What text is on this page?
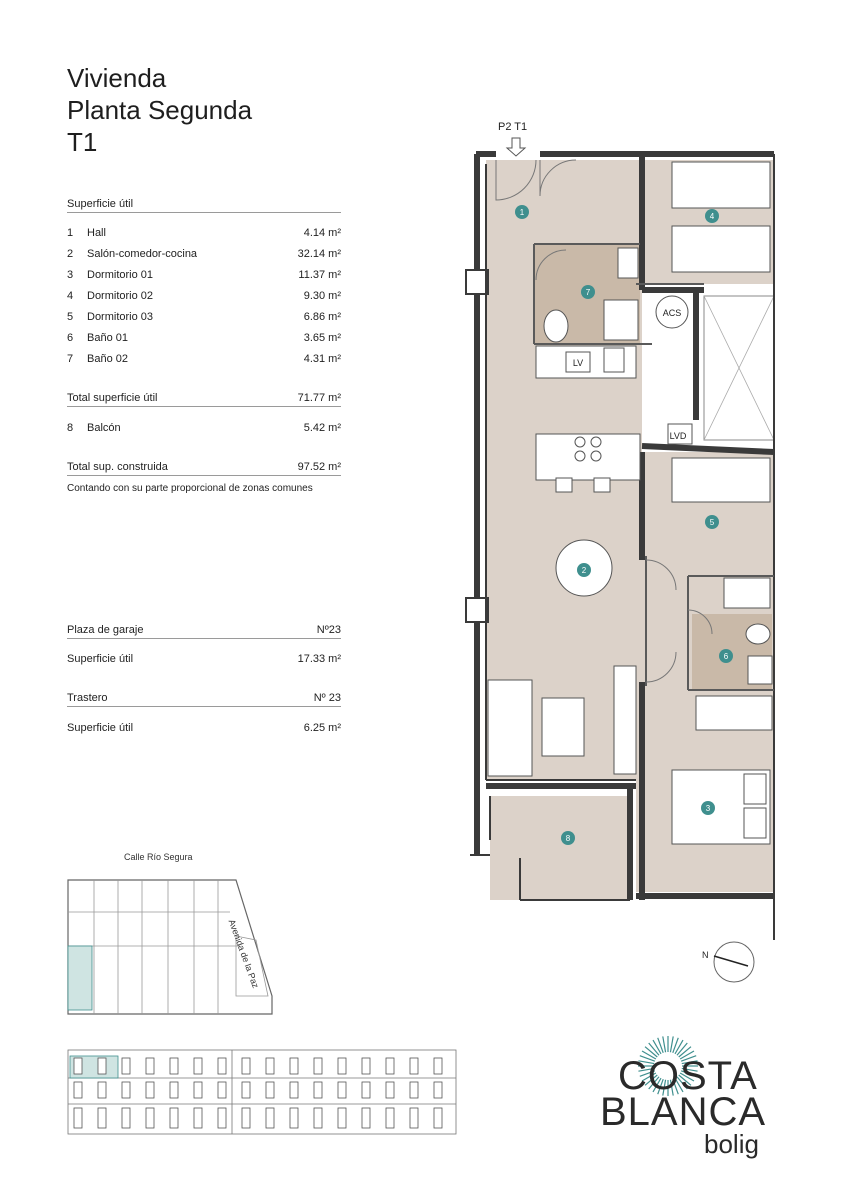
Vivienda
Planta Segunda
T1
Superficie útil
1 Hall	4.14 m²
2 Salón-comedor-cocina	32.14 m²
3 Dormitorio 01	11.37 m²
4 Dormitorio 02	9.30 m²
5 Dormitorio 03	6.86 m²
6 Baño 01	3.65 m²
7 Baño 02	4.31 m²
Total superficie útil	71.77 m²
8 Balcón	5.42 m²
Total sup. construida	97.52 m²
Contando con su parte proporcional de zonas comunes
Plaza de garaje	Nº23
Superficie útil	17.33 m²
Trastero	Nº 23
Superficie útil	6.25 m²
1
2
3
4
5
6
7
8
P2 T1
ACS
LV
LVD
N
Calle Río Segura
Avenida de la Paz
COSTA
BLANCA
bolig
